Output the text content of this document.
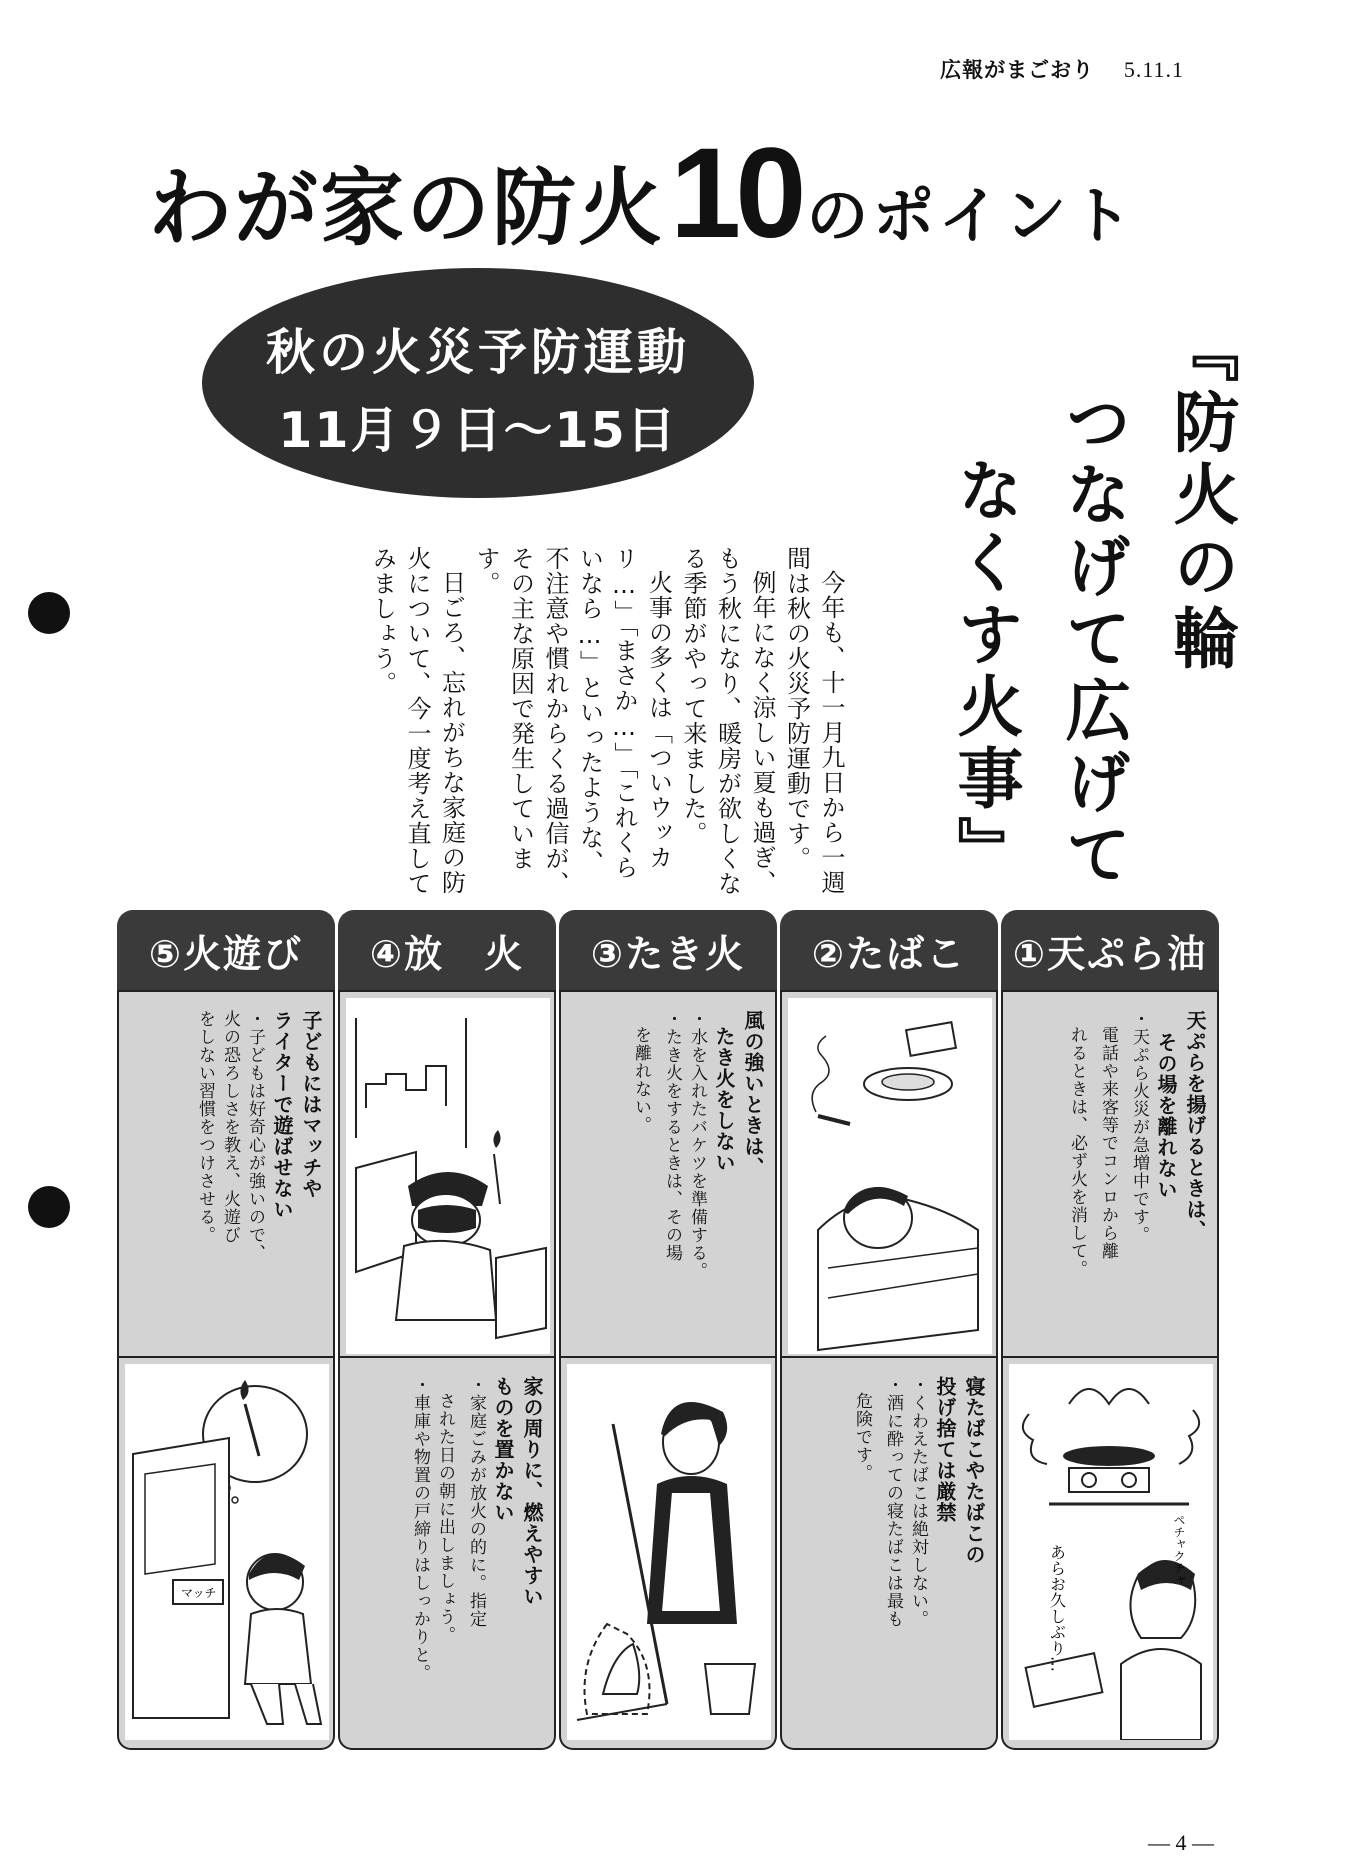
広報がまごおり 5.11.1
わが家の防火10のポイント
秋の火災予防運動
11月９日〜15日	『防火の輪
つなげて広げて
なくす火事』

今年も、十一月九日から一週間は秋の火災予防運動です。

例年になく涼しい夏も過ぎ、もう秋になり、暖房が欲しくなる季節がやって来ました。

火事の多くは「ついウッカリ…」「まさか…」「これくらいなら…」といったような、不注意や慣れからくる過信が、その主な原因で発生しています。

日ごろ、忘れがちな家庭の防火について、今一度考え直してみましょう。

①天ぷら油
天ぷらを揚げるときは、
その場を離れない
・天ぷら火災が急増中です。
電話や来客等でコンロから離
れるときは、必ず火を消して。
あらお久しぶり…	ペチャクチャ
②たばこ
寝たばこやたばこの
投げ捨ては厳禁
・くわえたばこは絶対しない。
・酒に酔っての寝たばこは最も
危険です。
③たき火
風の強いときは、
たき火をしない
・水を入れたバケツを準備する。
・たき火をするときは、その場
を離れない。
④放　火
家の周りに、燃えやすい
ものを置かない
・家庭ごみが放火の的に。指定
された日の朝に出しましょう。
・車庫や物置の戸締りはしっかりと。
⑤火遊び
子どもにはマッチや
ライターで遊ばせない
・子どもは好奇心が強いので、
火の恐ろしさを教え、火遊び
をしない習慣をつけさせる。
マッチ
— 4 —
